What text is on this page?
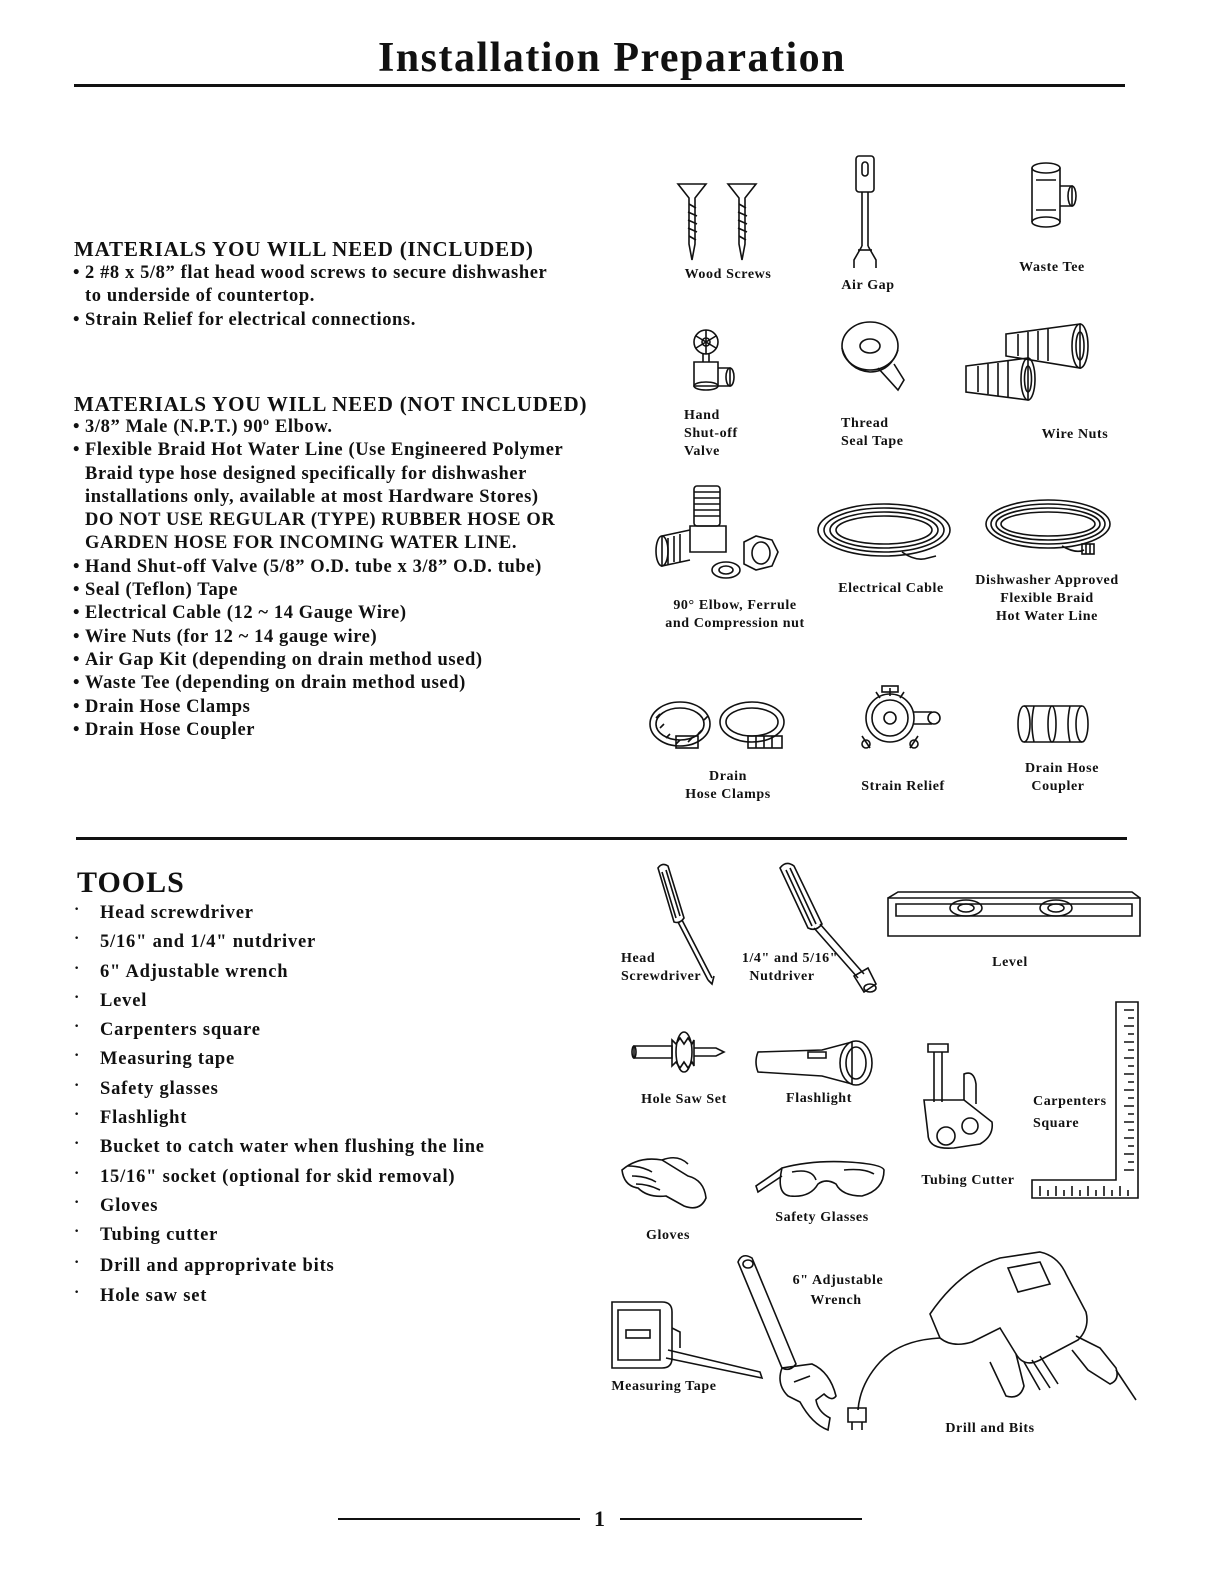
Installation Preparation
MATERIALS YOU WILL NEED (INCLUDED)
• 2 #8 x 5/8” flat head wood screws to secure dishwasher
to underside of countertop.
• Strain Relief for electrical connections.
MATERIALS YOU WILL NEED (NOT INCLUDED)
• 3/8” Male (N.P.T.) 90º Elbow.
• Flexible Braid Hot Water Line (Use Engineered Polymer
Braid type hose designed specifically for dishwasher
installations only, available at most Hardware Stores)
DO NOT USE REGULAR (TYPE) RUBBER HOSE OR
GARDEN HOSE FOR INCOMING WATER LINE.
• Hand Shut-off Valve (5/8” O.D. tube x 3/8” O.D. tube)
• Seal (Teflon) Tape
• Electrical Cable (12 ~ 14 Gauge Wire)
• Wire Nuts (for 12 ~ 14 gauge wire)
• Air Gap Kit (depending on drain method used)
• Waste Tee (depending on drain method used)
• Drain Hose Clamps
• Drain Hose Coupler
Wood Screws
Air Gap
Waste Tee
Hand
Shut-off
Valve
Thread
Seal Tape	Wire Nuts
90° Elbow, Ferrule
and Compression nut
Electrical Cable
Dishwasher Approved
Flexible Braid
Hot Water Line
Drain
Hose Clamps
Strain Relief
Drain Hose
Coupler
TOOLS
· Head screwdriver
· 5/16" and 1/4" nutdriver
· 6" Adjustable wrench
· Level
· Carpenters square
· Measuring tape
· Safety glasses
· Flashlight
· Bucket to catch water when flushing the line
· 15/16" socket (optional for skid removal)
· Gloves
· Tubing cutter
· Drill and approprivate bits
· Hole saw set
Head
Screwdriver
1/4" and 5/16"
Nutdriver
Level
Hole Saw Set	Flashlight
Tubing Cutter
Carpenters
Square
Gloves
Safety Glasses
Measuring Tape
6" Adjustable
Wrench
Drill and Bits
1
